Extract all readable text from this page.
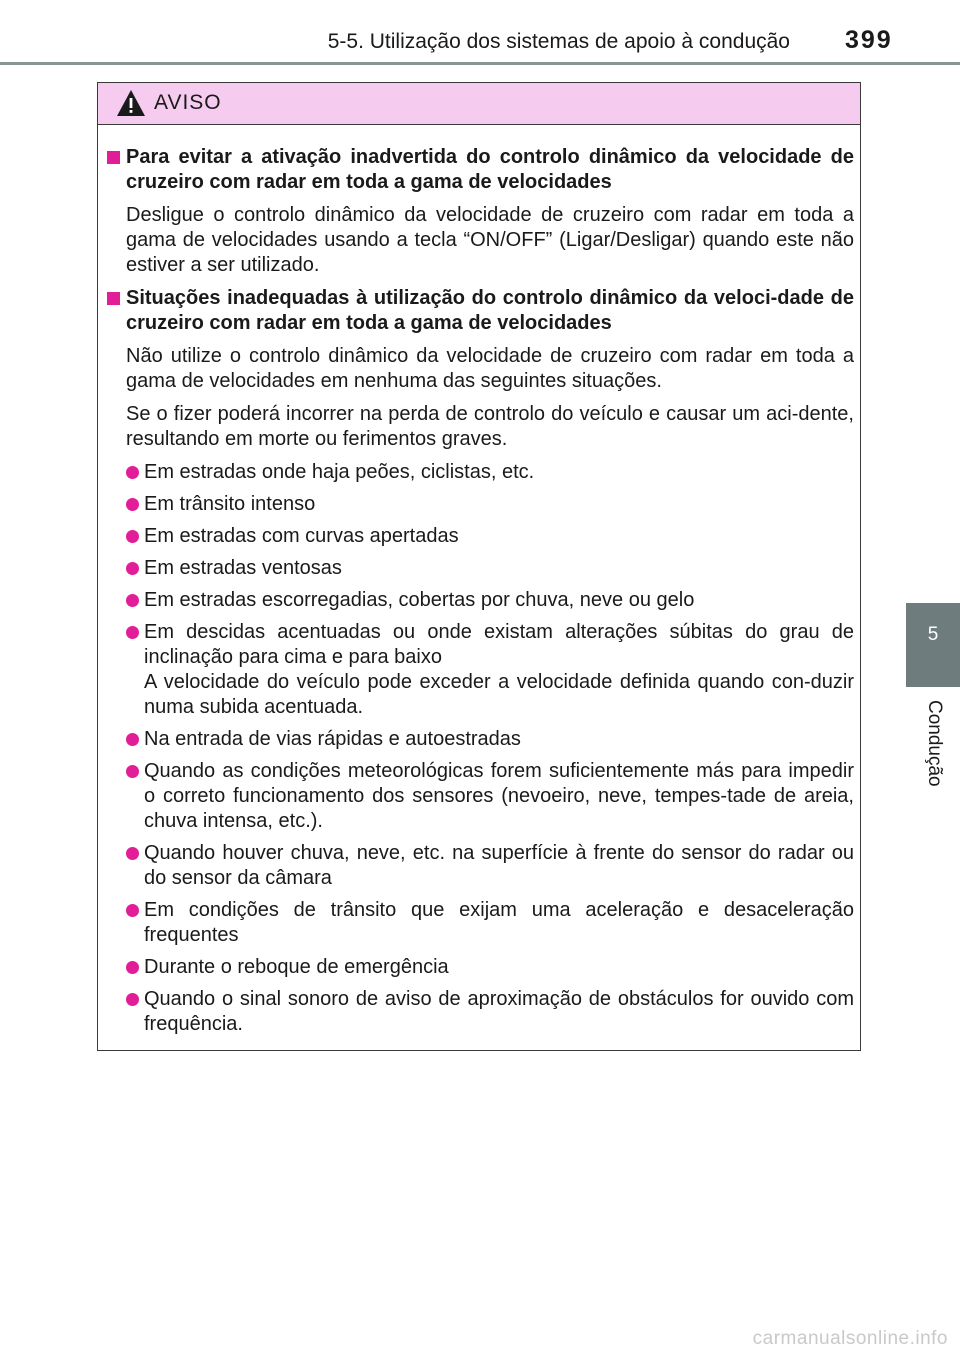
5-5. Utilização dos sistemas de apoio à condução 399
5
Condução
AVISO
Para evitar a ativação inadvertida do controlo dinâmico da velocidade de cruzeiro com radar em toda a gama de velocidades
Desligue o controlo dinâmico da velocidade de cruzeiro com radar em toda a gama de velocidades usando a tecla “ON/OFF” (Ligar/Desligar) quando este não estiver a ser utilizado.
Situações inadequadas à utilização do controlo dinâmico da veloci-dade de cruzeiro com radar em toda a gama de velocidades
Não utilize o controlo dinâmico da velocidade de cruzeiro com radar em toda a gama de velocidades em nenhuma das seguintes situações.
Se o fizer poderá incorrer na perda de controlo do veículo e causar um aci-dente, resultando em morte ou ferimentos graves.
Em estradas onde haja peões, ciclistas, etc.
Em trânsito intenso
Em estradas com curvas apertadas
Em estradas ventosas
Em estradas escorregadias, cobertas por chuva, neve ou gelo
Em descidas acentuadas ou onde existam alterações súbitas do grau de inclinação para cima e para baixo
A velocidade do veículo pode exceder a velocidade definida quando con-duzir numa subida acentuada.
Na entrada de vias rápidas e autoestradas
Quando as condições meteorológicas forem suficientemente más para impedir o correto funcionamento dos sensores (nevoeiro, neve, tempes-tade de areia, chuva intensa, etc.).
Quando houver chuva, neve, etc. na superfície à frente do sensor do radar ou do sensor da câmara
Em condições de trânsito que exijam uma aceleração e desaceleração frequentes
Durante o reboque de emergência
Quando o sinal sonoro de aviso de aproximação de obstáculos for ouvido com frequência.
carmanualsonline.info
